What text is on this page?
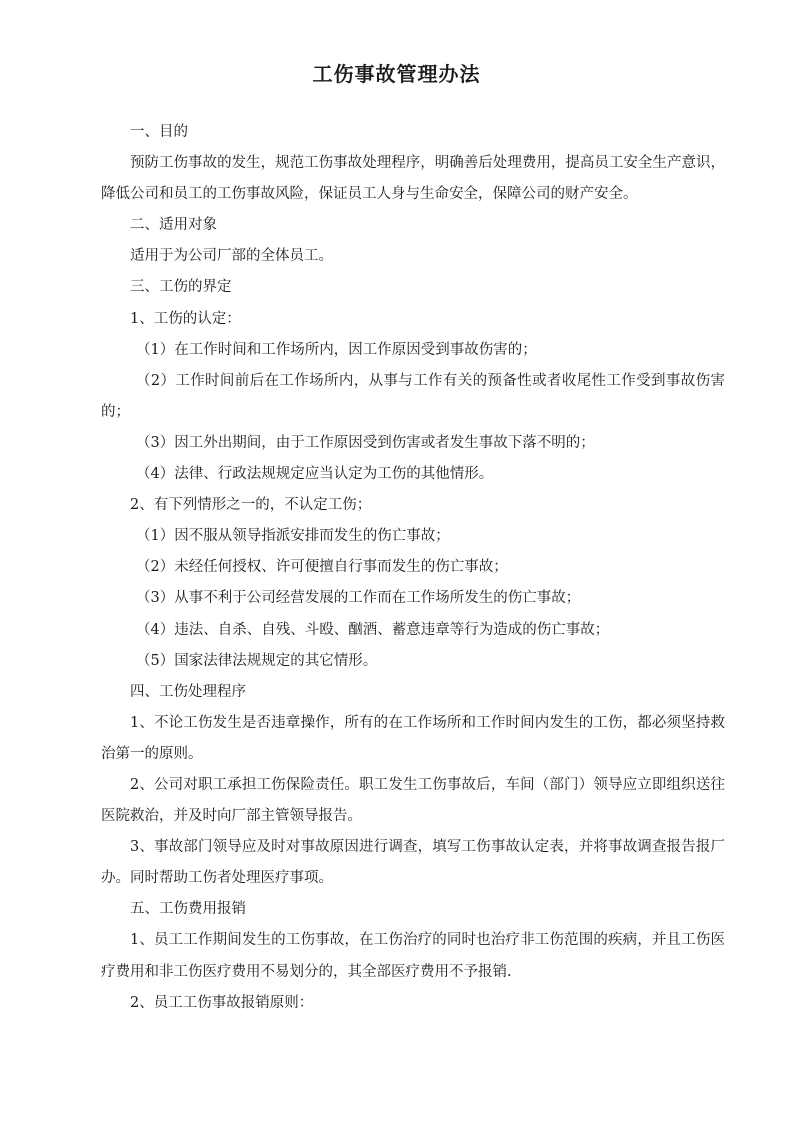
工伤事故管理办法

一、目的

预防工伤事故的发生，规范工伤事故处理程序，明确善后处理费用，提高员工安全生产意识，降低公司和员工的工伤事故风险，保证员工人身与生命安全，保障公司的财产安全。

二、适用对象

适用于为公司厂部的全体员工。

三、工伤的界定

1、工伤的认定：

（1）在工作时间和工作场所内，因工作原因受到事故伤害的；

（2）工作时间前后在工作场所内，从事与工作有关的预备性或者收尾性工作受到事故伤害的；

（3）因工外出期间，由于工作原因受到伤害或者发生事故下落不明的；

（4）法律、行政法规规定应当认定为工伤的其他情形。

2、有下列情形之一的，不认定工伤；

（1）因不服从领导指派安排而发生的伤亡事故；

（2）未经任何授权、许可便擅自行事而发生的伤亡事故；

（3）从事不利于公司经营发展的工作而在工作场所发生的伤亡事故；

（4）违法、自杀、自残、斗殴、酗酒、蓄意违章等行为造成的伤亡事故；

（5）国家法律法规规定的其它情形。

四、工伤处理程序

1、不论工伤发生是否违章操作，所有的在工作场所和工作时间内发生的工伤，都必须坚持救治第一的原则。

2、公司对职工承担工伤保险责任。职工发生工伤事故后，车间（部门）领导应立即组织送往医院救治，并及时向厂部主管领导报告。

3、事故部门领导应及时对事故原因进行调查，填写工伤事故认定表，并将事故调查报告报厂办。同时帮助工伤者处理医疗事项。

五、工伤费用报销

1、员工工作期间发生的工伤事故，在工伤治疗的同时也治疗非工伤范围的疾病，并且工伤医疗费用和非工伤医疗费用不易划分的，其全部医疗费用不予报销.

2、员工工伤事故报销原则：
